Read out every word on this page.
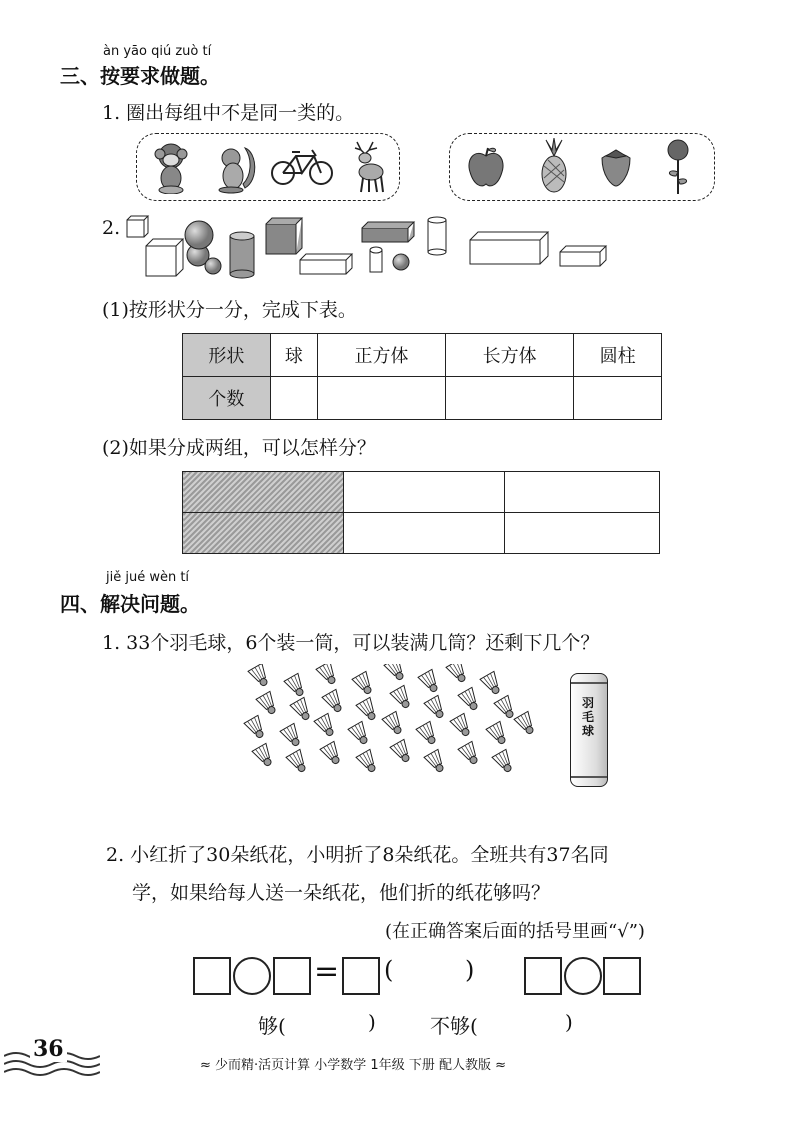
àn yāo qiú zuò tí
三、按要求做题。
1. 圈出每组中不是同一类的。
2.
(1)按形状分一分，完成下表。
形状	球	正方体	长方体	圆柱
个数				
(2)如果分成两组，可以怎样分？

jiě jué wèn tí
四、解决问题。
1. 33个羽毛球，6个装一筒，可以装满几筒？还剩下几个？
羽毛球
2. 小红折了30朵纸花，小明折了8朵纸花。全班共有37名同
学，如果给每人送一朵纸花，他们折的纸花够吗？
(在正确答案后面的括号里画“√”)
= (	)
够(	)	不够(	)
36
≈ 少而精·活页计算 小学数学 1年级 下册 配人教版 ≈
